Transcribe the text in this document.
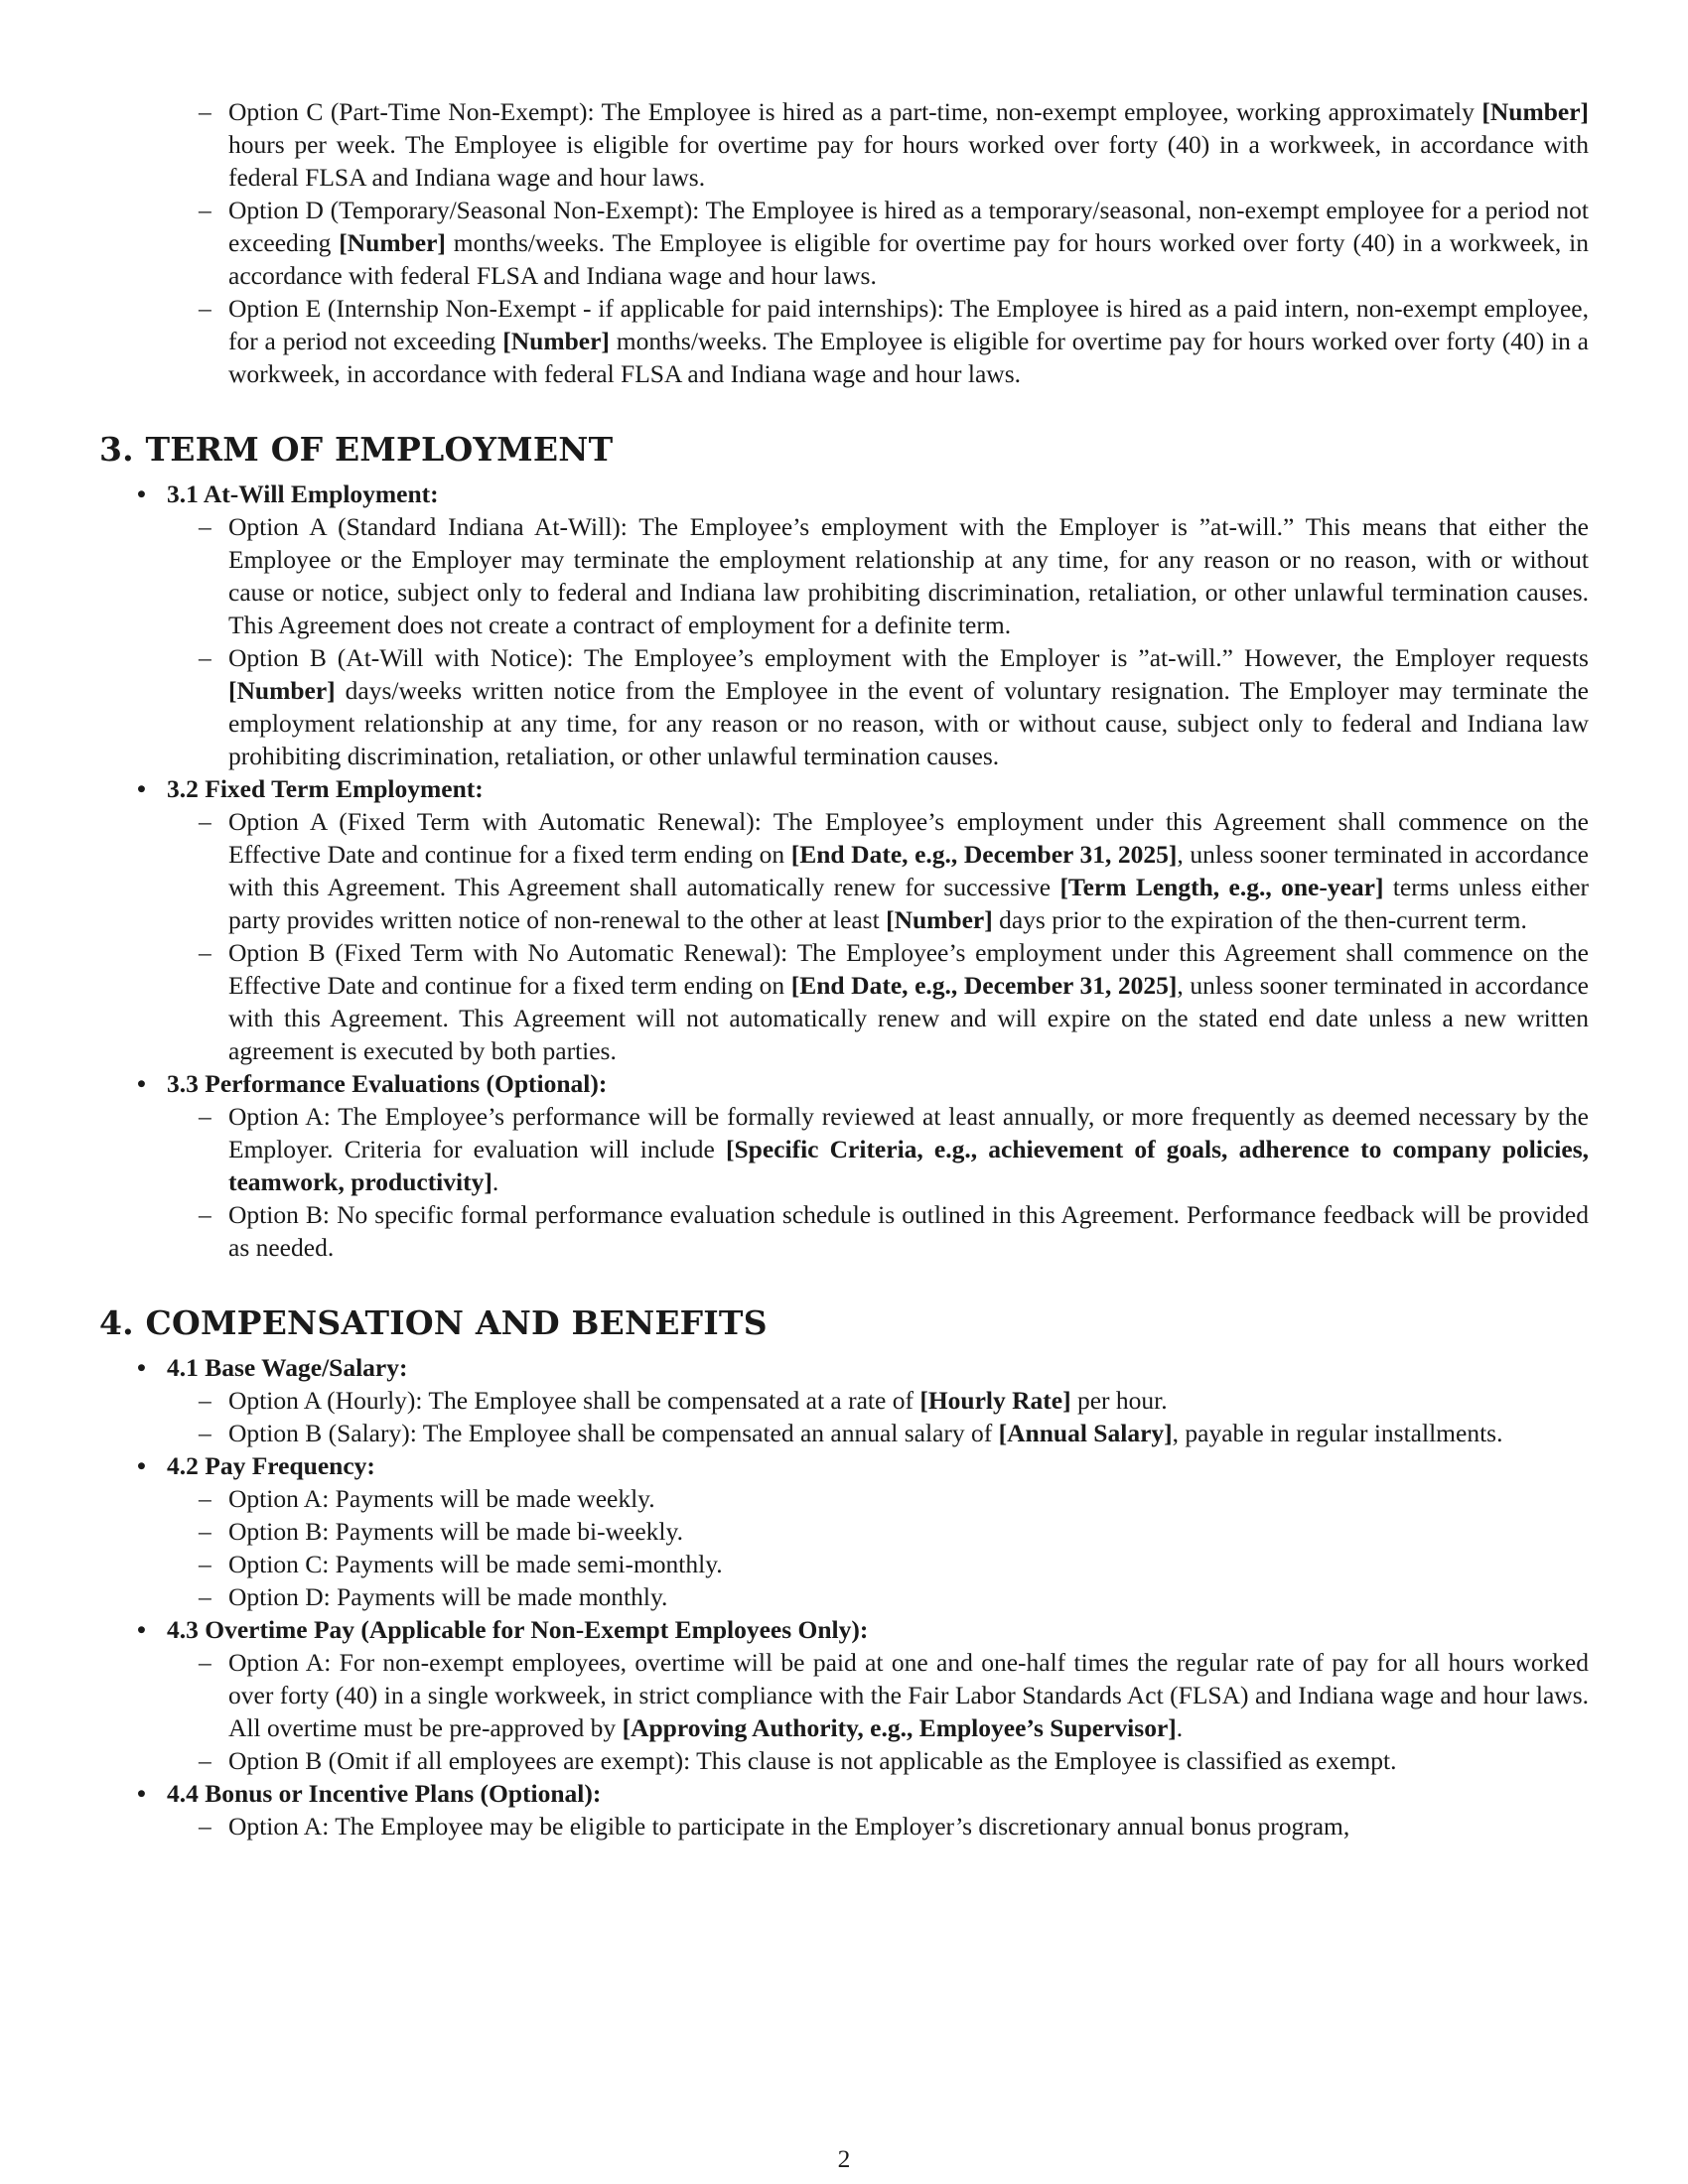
– Option C (Part-Time Non-Exempt): The Employee is hired as a part-time, non-exempt employee, working approximately [Number] hours per week. The Employee is eligible for overtime pay for hours worked over forty (40) in a workweek, in accordance with federal FLSA and Indiana wage and hour laws.
– Option D (Temporary/Seasonal Non-Exempt): The Employee is hired as a temporary/seasonal, non-exempt employee for a period not exceeding [Number] months/weeks. The Employee is eligible for overtime pay for hours worked over forty (40) in a workweek, in accordance with federal FLSA and Indiana wage and hour laws.
– Option E (Internship Non-Exempt - if applicable for paid internships): The Employee is hired as a paid intern, non-exempt employee, for a period not exceeding [Number] months/weeks. The Employee is eligible for overtime pay for hours worked over forty (40) in a workweek, in accordance with federal FLSA and Indiana wage and hour laws.
3. TERM OF EMPLOYMENT
• 3.1 At-Will Employment:
– Option A (Standard Indiana At-Will): The Employee’s employment with the Employer is ”at-will.” This means that either the Employee or the Employer may terminate the employment relationship at any time, for any reason or no reason, with or without cause or notice, subject only to federal and Indiana law prohibiting discrimination, retaliation, or other unlawful termination causes. This Agreement does not create a contract of employment for a definite term.
– Option B (At-Will with Notice): The Employee’s employment with the Employer is ”at-will.” However, the Employer requests [Number] days/weeks written notice from the Employee in the event of voluntary resignation. The Employer may terminate the employment relationship at any time, for any reason or no reason, with or without cause, subject only to federal and Indiana law prohibiting discrimination, retaliation, or other unlawful termination causes.
• 3.2 Fixed Term Employment:
– Option A (Fixed Term with Automatic Renewal): The Employee’s employment under this Agreement shall commence on the Effective Date and continue for a fixed term ending on [End Date, e.g., December 31, 2025], unless sooner terminated in accordance with this Agreement. This Agreement shall automatically renew for successive [Term Length, e.g., one-year] terms unless either party provides written notice of non-renewal to the other at least [Number] days prior to the expiration of the then-current term.
– Option B (Fixed Term with No Automatic Renewal): The Employee’s employment under this Agreement shall commence on the Effective Date and continue for a fixed term ending on [End Date, e.g., December 31, 2025], unless sooner terminated in accordance with this Agreement. This Agreement will not automatically renew and will expire on the stated end date unless a new written agreement is executed by both parties.
• 3.3 Performance Evaluations (Optional):
– Option A: The Employee’s performance will be formally reviewed at least annually, or more frequently as deemed necessary by the Employer. Criteria for evaluation will include [Specific Criteria, e.g., achievement of goals, adherence to company policies, teamwork, productivity].
– Option B: No specific formal performance evaluation schedule is outlined in this Agreement. Performance feedback will be provided as needed.
4. COMPENSATION AND BENEFITS
• 4.1 Base Wage/Salary:
– Option A (Hourly): The Employee shall be compensated at a rate of [Hourly Rate] per hour.
– Option B (Salary): The Employee shall be compensated an annual salary of [Annual Salary], payable in regular installments.
• 4.2 Pay Frequency:
– Option A: Payments will be made weekly.
– Option B: Payments will be made bi-weekly.
– Option C: Payments will be made semi-monthly.
– Option D: Payments will be made monthly.
• 4.3 Overtime Pay (Applicable for Non-Exempt Employees Only):
– Option A: For non-exempt employees, overtime will be paid at one and one-half times the regular rate of pay for all hours worked over forty (40) in a single workweek, in strict compliance with the Fair Labor Standards Act (FLSA) and Indiana wage and hour laws. All overtime must be pre-approved by [Approving Authority, e.g., Employee’s Supervisor].
– Option B (Omit if all employees are exempt): This clause is not applicable as the Employee is classified as exempt.
• 4.4 Bonus or Incentive Plans (Optional):
– Option A: The Employee may be eligible to participate in the Employer’s discretionary annual bonus program,
2
